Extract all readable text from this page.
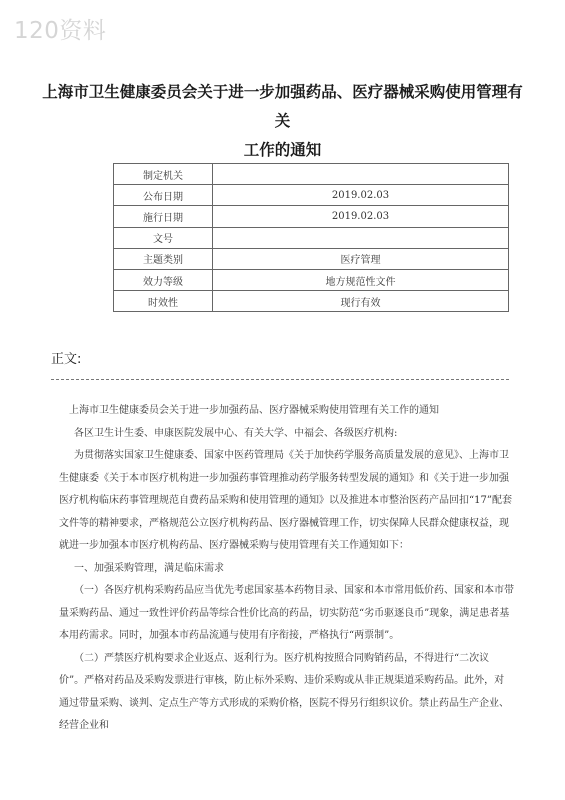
120资料
上海市卫生健康委员会关于进一步加强药品、医疗器械采购使用管理有关
工作的通知
制定机关	
公布日期	2019.02.03
施行日期	2019.02.03
文号	
主题类别	医疗管理
效力等级	地方规范性文件
时效性	现行有效
正文:

上海市卫生健康委员会关于进一步加强药品、医疗器械采购使用管理有关工作的通知

各区卫生计生委、申康医院发展中心、有关大学、中福会、各级医疗机构:

为贯彻落实国家卫生健康委、国家中医药管理局《关于加快药学服务高质量发展的意见》、上海市卫生健康委《关于本市医疗机构进一步加强药事管理推动药学服务转型发展的通知》和《关于进一步加强医疗机构临床药事管理规范自费药品采购和使用管理的通知》以及推进本市整治医药产品回扣“17”配套文件等的精神要求，严格规范公立医疗机构药品、医疗器械管理工作，切实保障人民群众健康权益，现就进一步加强本市医疗机构药品、医疗器械采购与使用管理有关工作通知如下：

一、加强采购管理，满足临床需求

（一）各医疗机构采购药品应当优先考虑国家基本药物目录、国家和本市常用低价药、国家和本市带量采购药品、通过一致性评价药品等综合性价比高的药品，切实防范“劣币驱逐良币”现象，满足患者基本用药需求。同时，加强本市药品流通与使用有序衔接，严格执行“两票制”。

（二）严禁医疗机构要求企业返点、返利行为。医疗机构按照合同购销药品，不得进行“二次议价”。严格对药品及采购发票进行审核，防止标外采购、违价采购或从非正规渠道采购药品。此外，对通过带量采购、谈判、定点生产等方式形成的采购价格，医院不得另行组织议价。禁止药品生产企业、经营企业和
